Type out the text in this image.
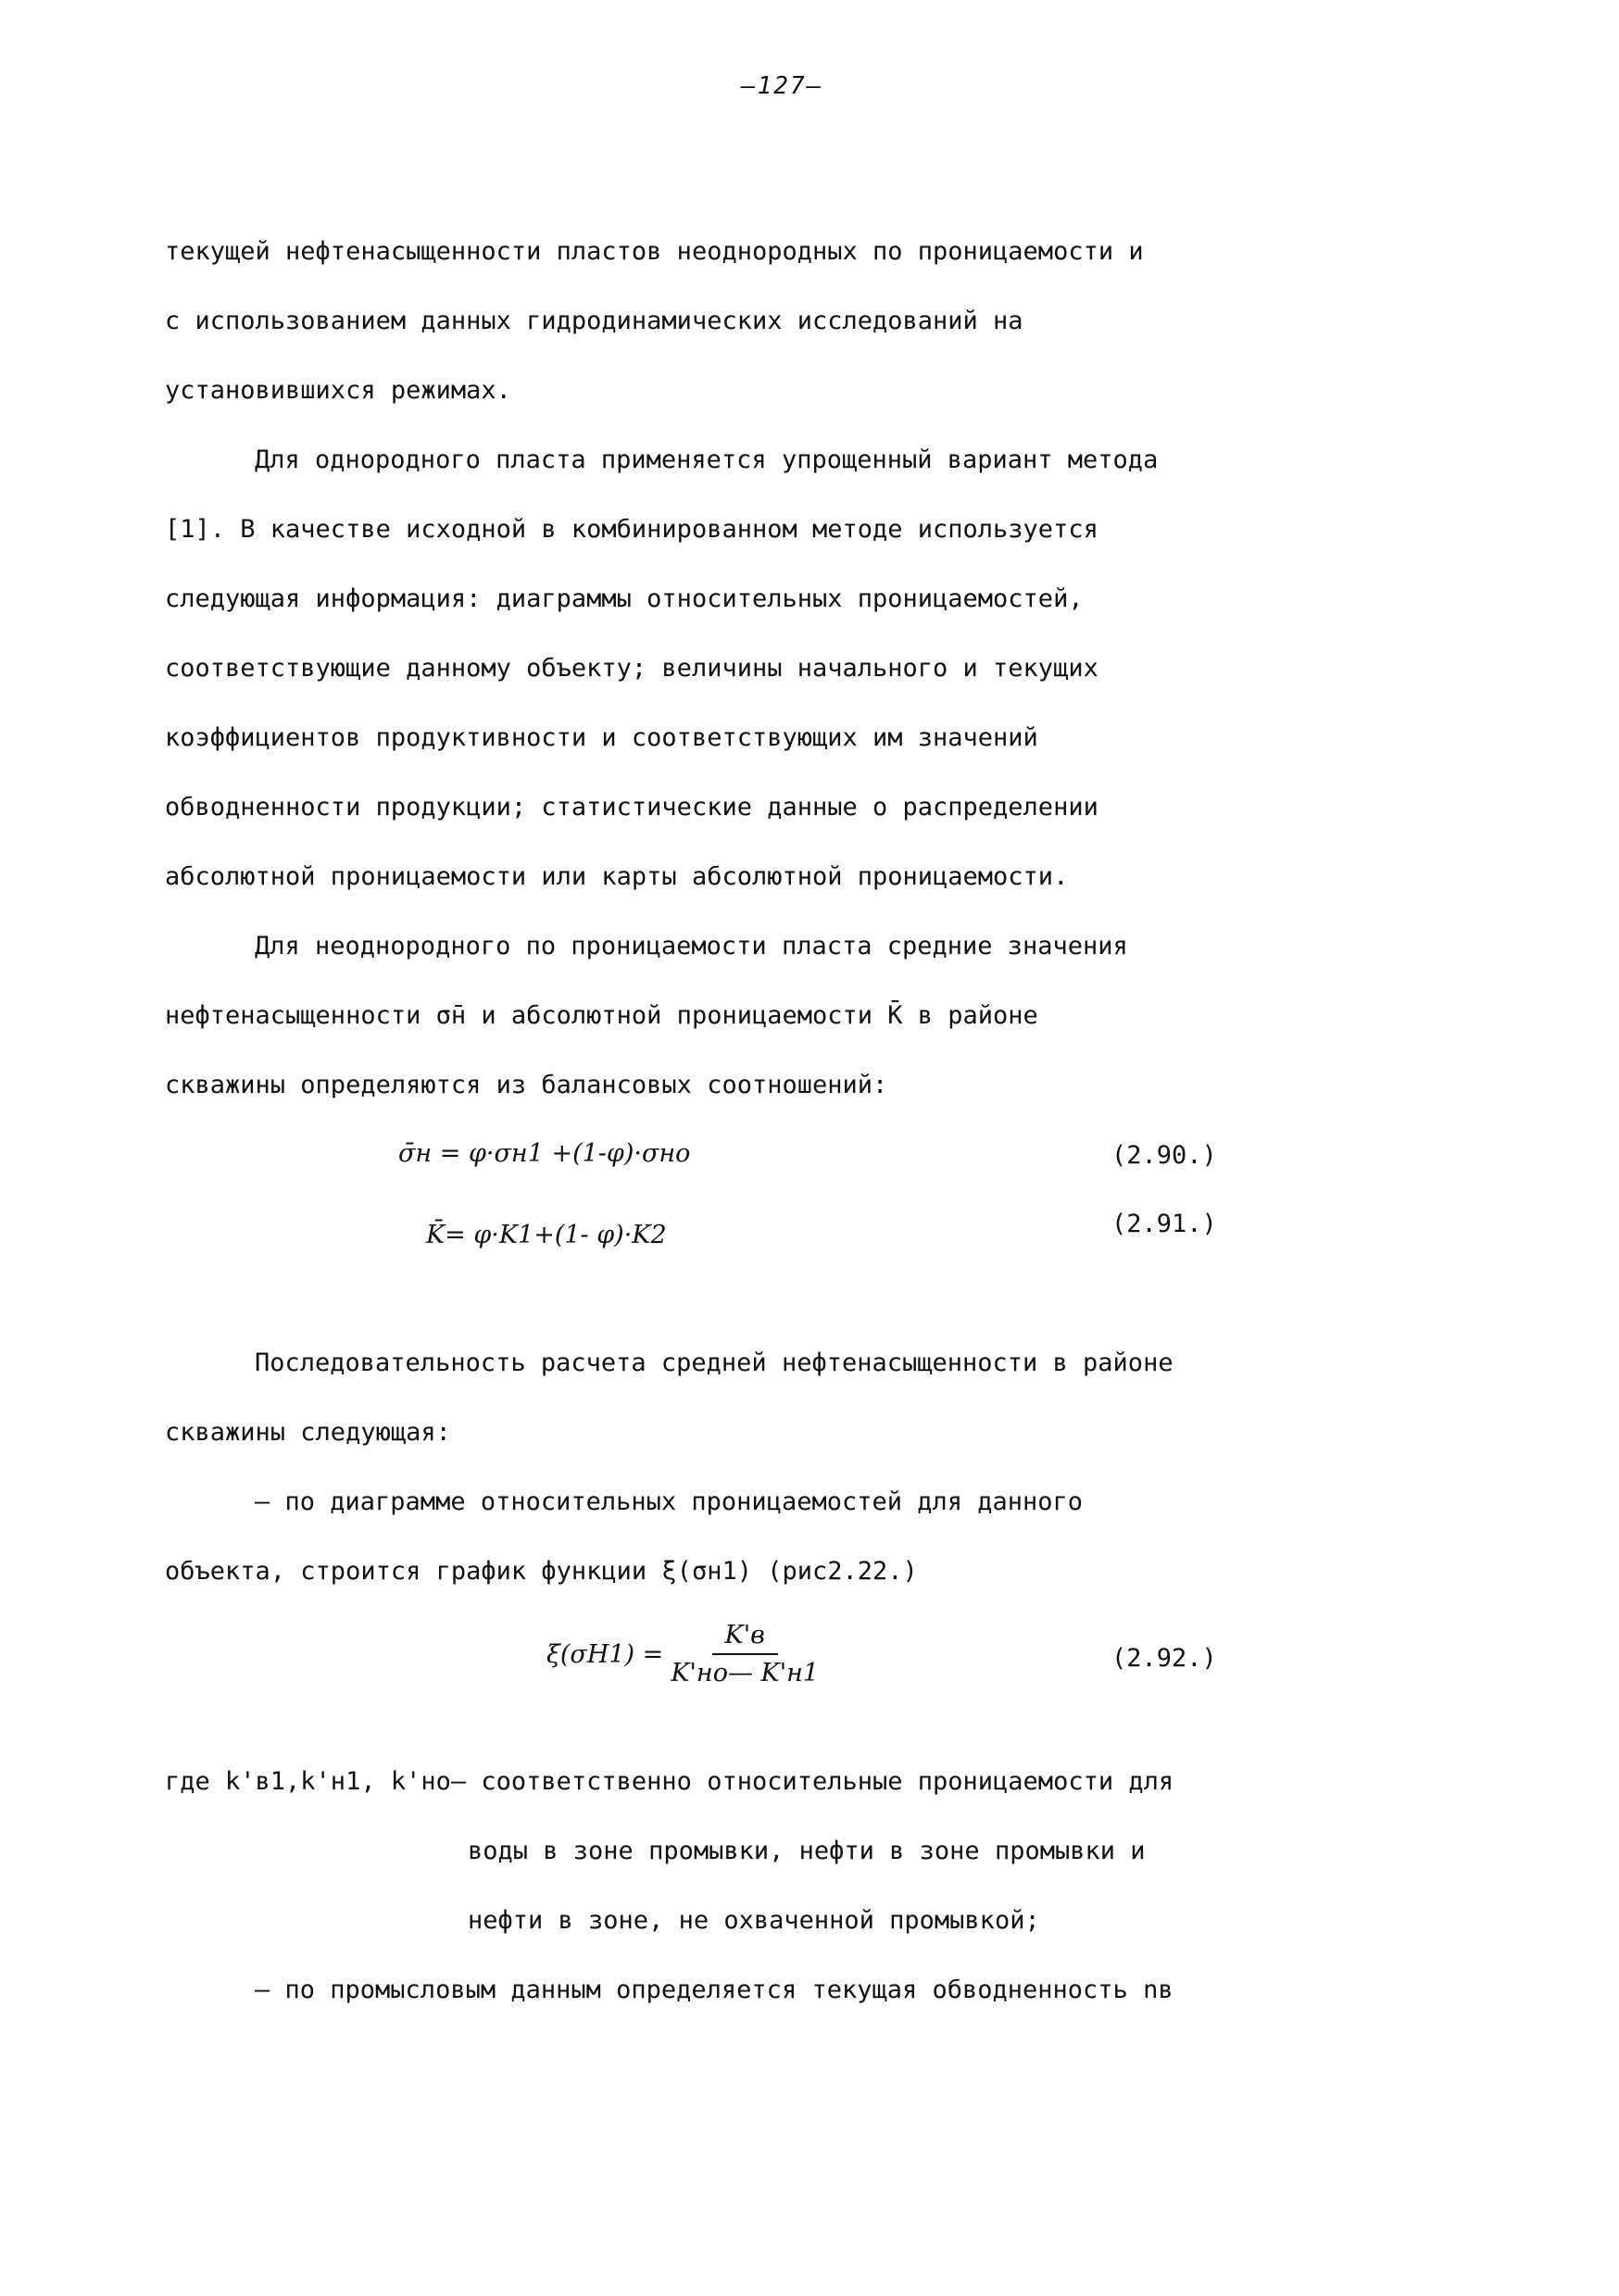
—127—
текущей нефтенасыщенности пластов неоднородных по проницаемости и
с использованием данных гидродинамических исследований на
установившихся режимах.
Для однородного пласта применяется упрощенный вариант метода
[1]. В качестве исходной в комбинированном методе используется
следующая информация: диаграммы относительных проницаемостей,
соответствующие данному объекту; величины начального и текущих
коэффициентов продуктивности и соответствующих им значений
обводненности продукции; статистические данные о распределении
абсолютной проницаемости или карты абсолютной проницаемости.
Для неоднородного по проницаемости пласта средние значения
нефтенасыщенности σ̄н и абсолютной проницаемости K̄ в районе
скважины определяются из балансовых соотношений:
σ̄н = φ·σн1 +(1-φ)·σно	(2.90.)
K̄= φ·K1+(1- φ)·K2	(2.91.)
Последовательность расчета средней нефтенасыщенности в районе
скважины следующая:
– по диаграмме относительных проницаемостей для данного
объекта, строится график функции ξ(σн1) (рис2.22.)
$\xi(\sigma Н1) = \frac{K'в}{K'но— K'н1}$	(2.92.)
где k'в1,k'н1, k'но– соответственно относительные проницаемости для
воды в зоне промывки, нефти в зоне промывки и
нефти в зоне, не охваченной промывкой;
– по промысловым данным определяется текущая обводненность nв
